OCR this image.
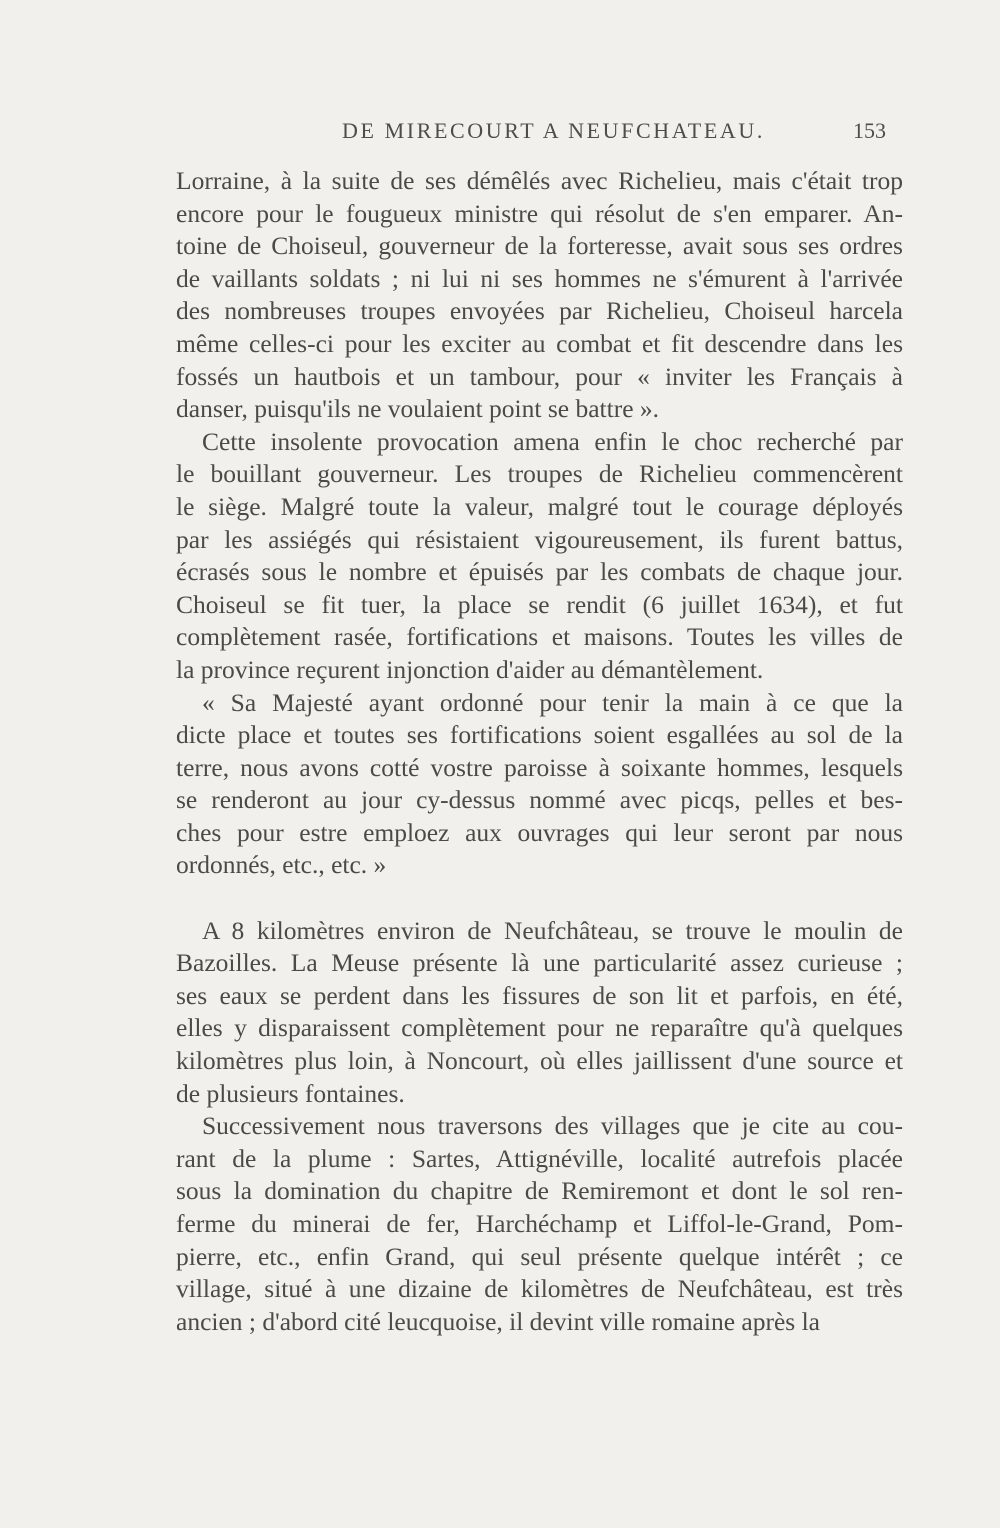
DE MIRECOURT A NEUFCHATEAU.	153
Lorraine, à la suite de ses démêlés avec Richelieu, mais c'était trop
encore pour le fougueux ministre qui résolut de s'en emparer. An-
toine de Choiseul, gouverneur de la forteresse, avait sous ses ordres
de vaillants soldats ; ni lui ni ses hommes ne s'émurent à l'arrivée
des nombreuses troupes envoyées par Richelieu, Choiseul harcela
même celles-ci pour les exciter au combat et fit descendre dans les
fossés un hautbois et un tambour, pour « inviter les Français à
danser, puisqu'ils ne voulaient point se battre ».
Cette insolente provocation amena enfin le choc recherché par
le bouillant gouverneur. Les troupes de Richelieu commencèrent
le siège. Malgré toute la valeur, malgré tout le courage déployés
par les assiégés qui résistaient vigoureusement, ils furent battus,
écrasés sous le nombre et épuisés par les combats de chaque jour.
Choiseul se fit tuer, la place se rendit (6 juillet 1634), et fut
complètement rasée, fortifications et maisons. Toutes les villes de
la province reçurent injonction d'aider au démantèlement.
« Sa Majesté ayant ordonné pour tenir la main à ce que la
dicte place et toutes ses fortifications soient esgallées au sol de la
terre, nous avons cotté vostre paroisse à soixante hommes, lesquels
se renderont au jour cy-dessus nommé avec picqs, pelles et bes-
ches pour estre emploez aux ouvrages qui leur seront par nous
ordonnés, etc., etc. »
A 8 kilomètres environ de Neufchâteau, se trouve le moulin de
Bazoilles. La Meuse présente là une particularité assez curieuse ;
ses eaux se perdent dans les fissures de son lit et parfois, en été,
elles y disparaissent complètement pour ne reparaître qu'à quelques
kilomètres plus loin, à Noncourt, où elles jaillissent d'une source et
de plusieurs fontaines.
Successivement nous traversons des villages que je cite au cou-
rant de la plume : Sartes, Attignéville, localité autrefois placée
sous la domination du chapitre de Remiremont et dont le sol ren-
ferme du minerai de fer, Harchéchamp et Liffol-le-Grand, Pom-
pierre, etc., enfin Grand, qui seul présente quelque intérêt ; ce
village, situé à une dizaine de kilomètres de Neufchâteau, est très
ancien ; d'abord cité leucquoise, il devint ville romaine après la
